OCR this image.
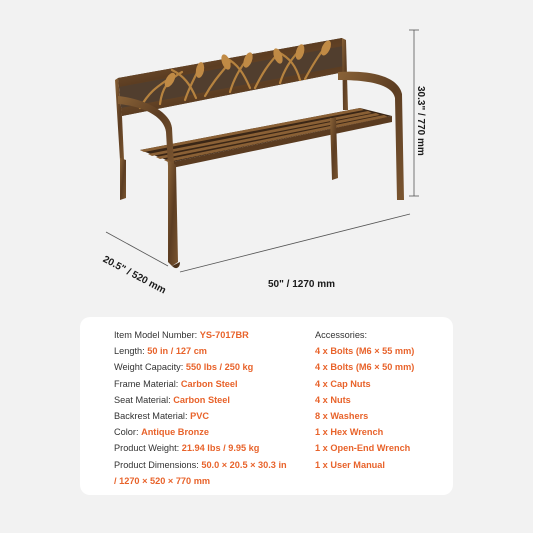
50" / 1270 mm
20.5" / 520 mm
30.3" / 770 mm
Item Model Number: YS-7017BR
Length: 50 in / 127 cm
Weight Capacity: 550 lbs / 250 kg
Frame Material: Carbon Steel
Seat Material: Carbon Steel
Backrest Material: PVC
Color: Antique Bronze
Product Weight: 21.94 lbs / 9.95 kg
Product Dimensions: 50.0 × 20.5 × 30.3 in
/ 1270 × 520 × 770 mm
Accessories:
4 x Bolts (M6 × 55 mm)
4 x Bolts (M6 × 50 mm)
4 x Cap Nuts
4 x Nuts
8 x Washers
1 x Hex Wrench
1 x Open-End Wrench
1 x User Manual
